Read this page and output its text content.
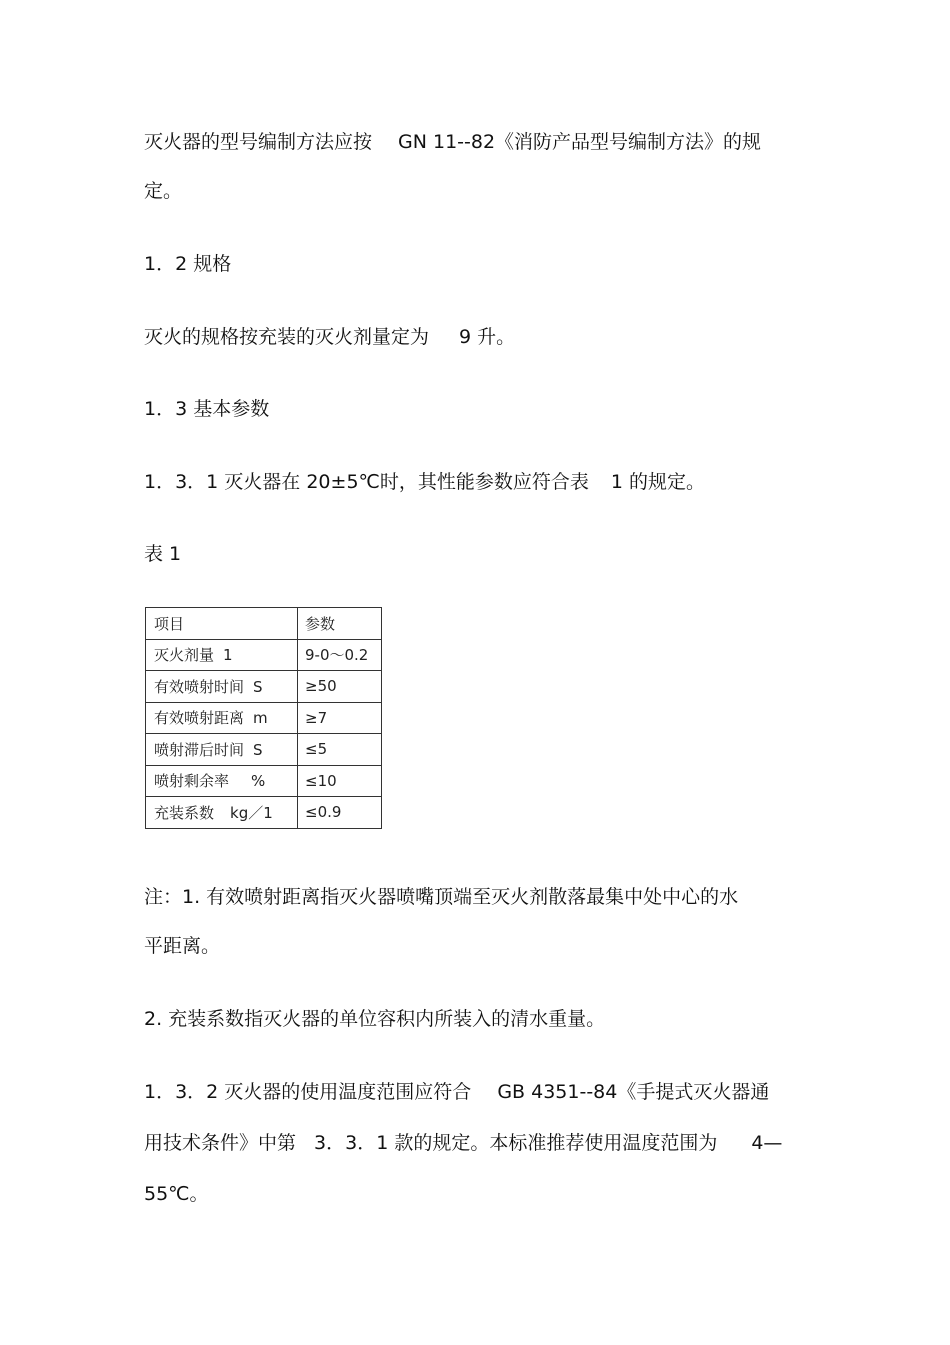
灭火器的型号编制方法应按 GN 11--82《消防产品型号编制方法》的规
定。
1．2 规格
灭火的规格按充装的灭火剂量定为 9 升。
1．3 基本参数
1．3．1 灭火器在 20±5℃时，其性能参数应符合表 1 的规定。
表 1
项目	参数
灭火剂量 1	9-0～0.2
有效喷射时间 S	≥50
有效喷射距离 m	≥7
喷射滞后时间 S	≤5
喷射剩余率 %	≤10
充装系数 kg／1	≤0.9
注：1. 有效喷射距离指灭火器喷嘴顶端至灭火剂散落最集中处中心的水
平距离。
2. 充装系数指灭火器的单位容积内所装入的清水重量。
1．3．2 灭火器的使用温度范围应符合 GB 4351--84《手提式灭火器通
用技术条件》中第 3．3．1 款的规定。本标准推荐使用温度范围为 4—
55℃。
